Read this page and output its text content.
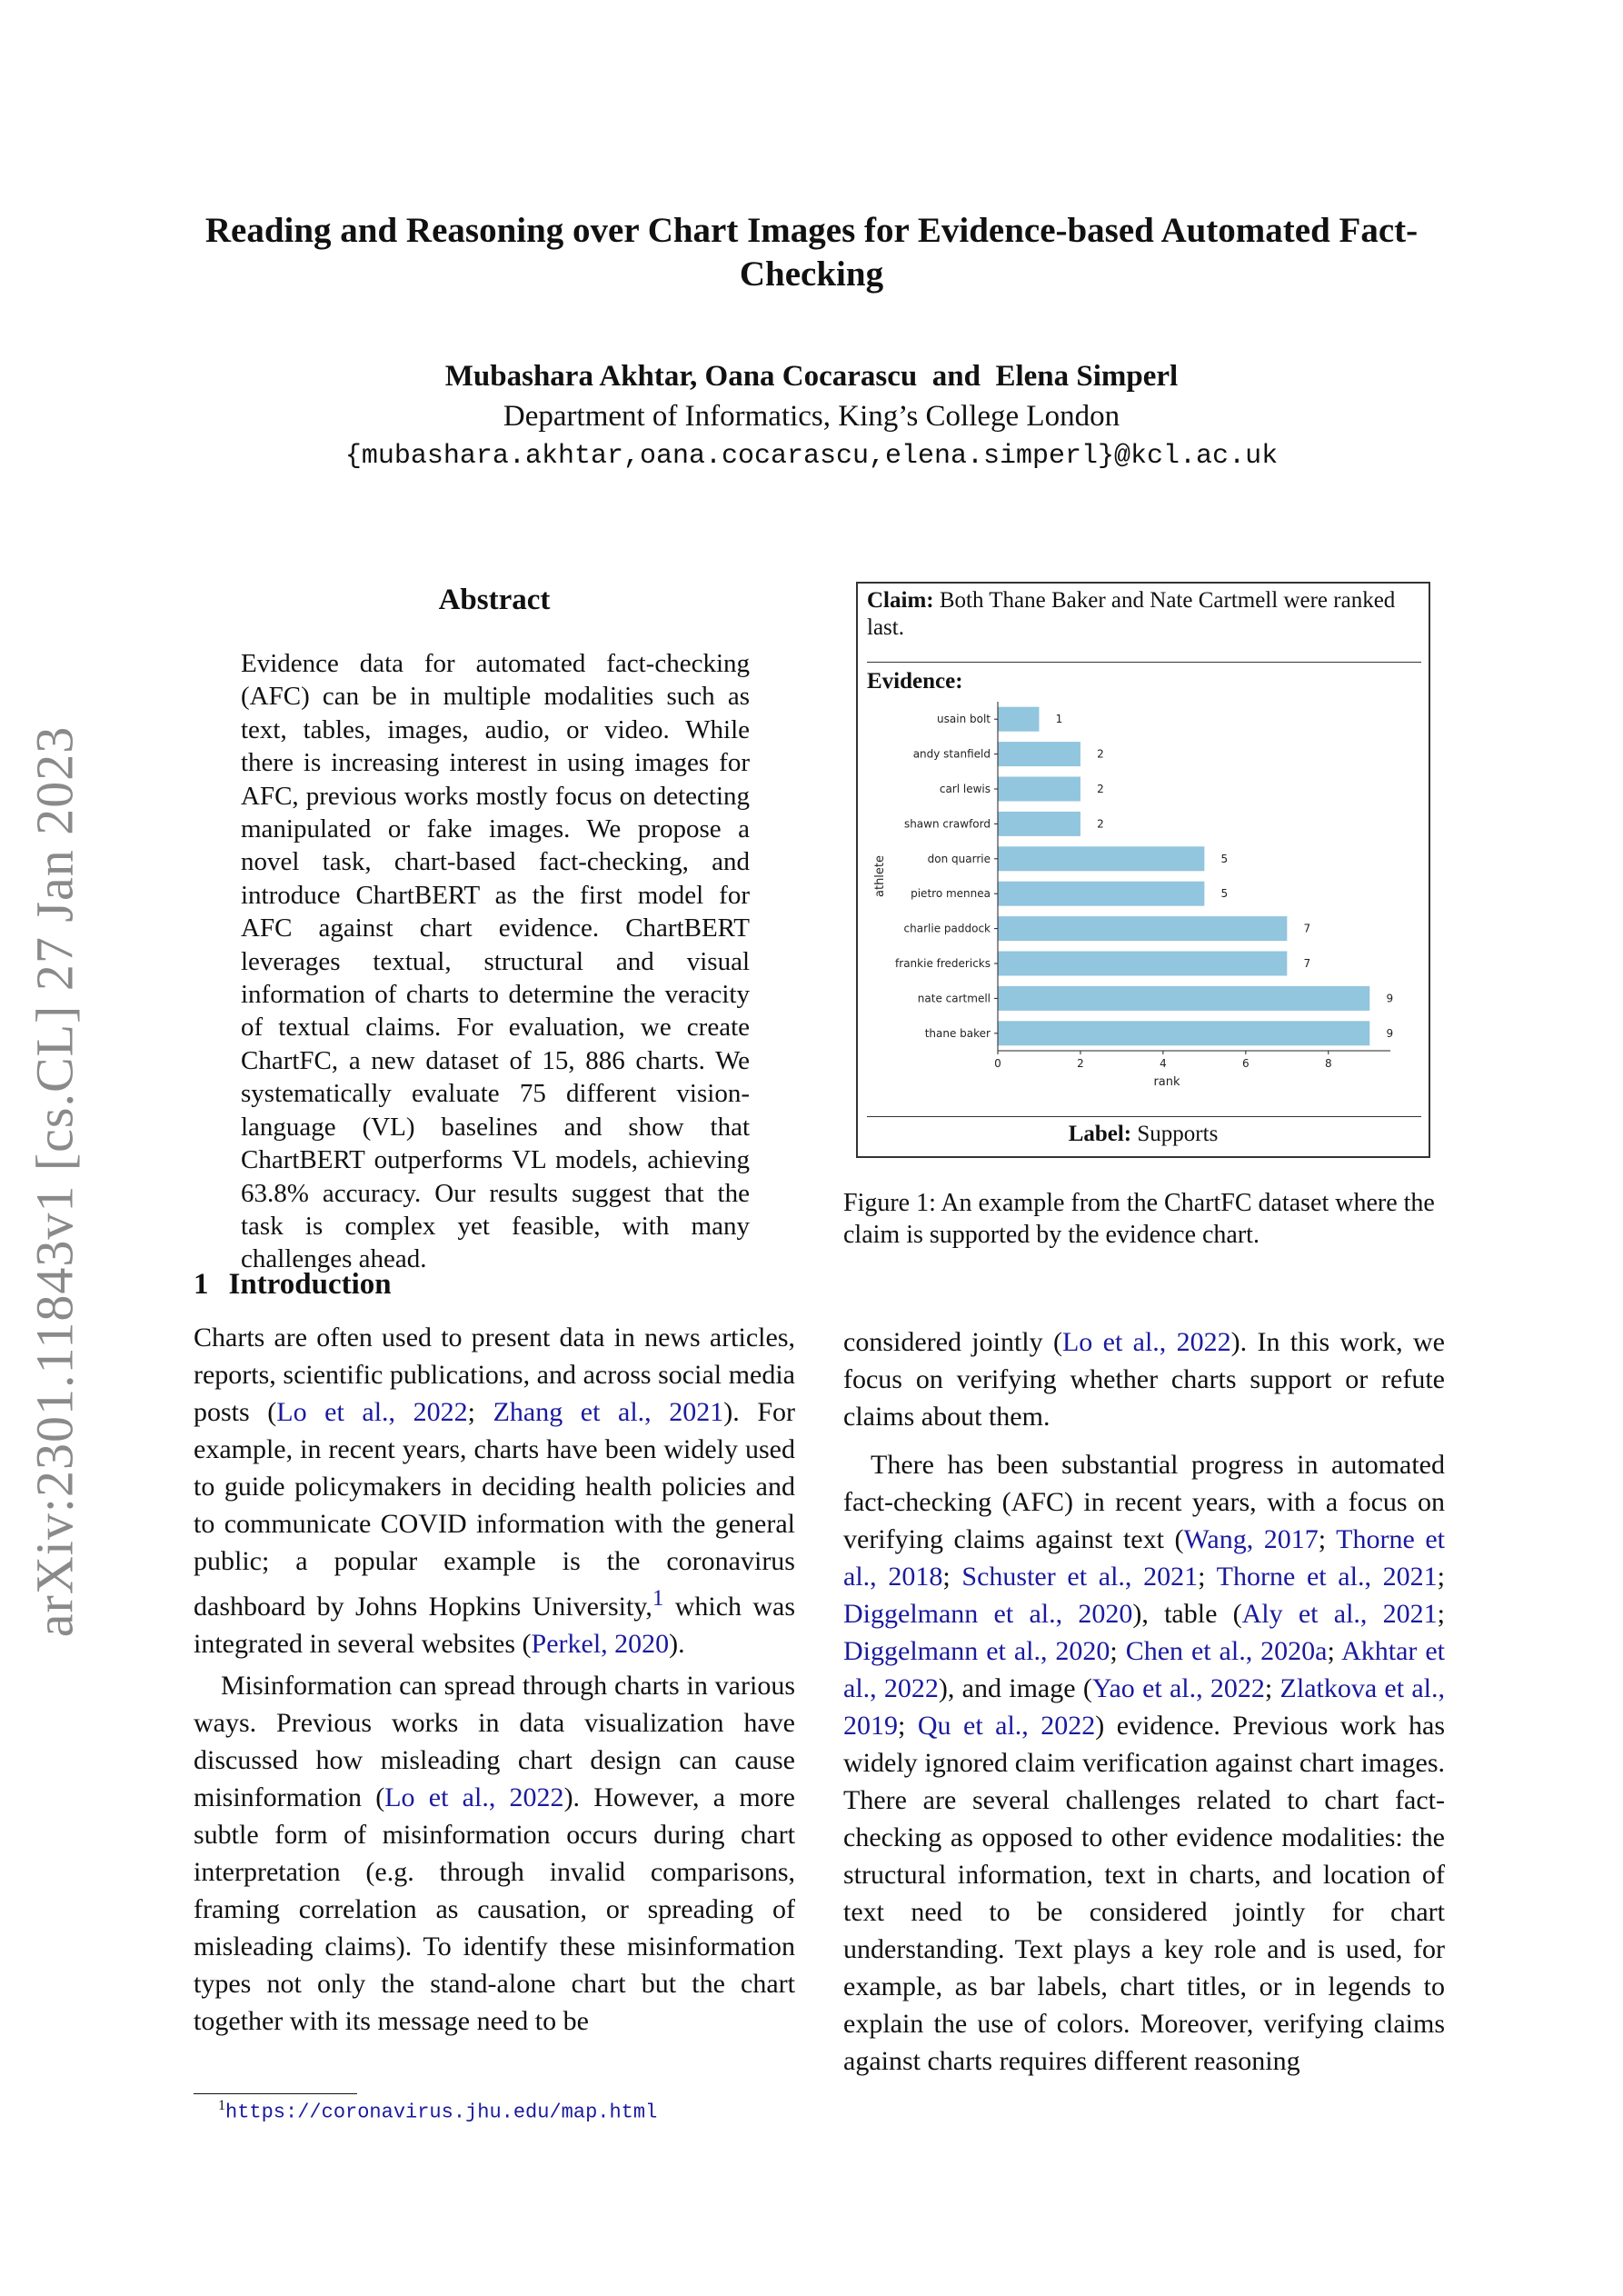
arXiv:2301.11843v1 [cs.CL] 27 Jan 2023
Reading and Reasoning over Chart Images for Evidence-based Automated Fact-Checking
Mubashara Akhtar, Oana Cocarascu  and  Elena Simperl
Department of Informatics, King’s College London
{mubashara.akhtar,oana.cocarascu,elena.simperl}@kcl.ac.uk
Abstract
Evidence data for automated fact-checking (AFC) can be in multiple modalities such as text, tables, images, audio, or video. While there is increasing interest in using images for AFC, previous works mostly focus on detecting manipulated or fake images. We propose a novel task, chart-based fact-checking, and introduce ChartBERT as the first model for AFC against chart evidence. ChartBERT leverages textual, structural and visual information of charts to determine the veracity of textual claims. For evaluation, we create ChartFC, a new dataset of 15, 886 charts. We systematically evaluate 75 different vision-language (VL) baselines and show that ChartBERT outperforms VL models, achieving 63.8% accuracy. Our results suggest that the task is complex yet feasible, with many challenges ahead.
1 Introduction

Charts are often used to present data in news articles, reports, scientific publications, and across social media posts (Lo et al., 2022; Zhang et al., 2021). For example, in recent years, charts have been widely used to guide policymakers in deciding health policies and to communicate COVID information with the general public; a popular example is the coronavirus dashboard by Johns Hopkins University,$^1$ which was integrated in several websites (Perkel, 2020).

Misinformation can spread through charts in various ways. Previous works in data visualization have discussed how misleading chart design can cause misinformation (Lo et al., 2022). However, a more subtle form of misinformation occurs during chart interpretation (e.g. through invalid comparisons, framing correlation as causation, or spreading of misleading claims). To identify these misinformation types not only the stand-alone chart but the chart together with its message need to be

$^1$https://coronavirus.jhu.edu/map.html
Claim: Both Thane Baker and Nate Cartmell were ranked last.
Evidence:
usain bolt	1
andy stanfield	2
carl lewis	2
shawn crawford	2
don quarrie	5
pietro mennea	5
charlie paddock	7
frankie fredericks	7
nate cartmell	9
thane baker	9
0	2	4	6	8
rank
athlete
Label: Supports
Figure 1: An example from the ChartFC dataset where the claim is supported by the evidence chart.

considered jointly (Lo et al., 2022). In this work, we focus on verifying whether charts support or refute claims about them.

There has been substantial progress in automated fact-checking (AFC) in recent years, with a focus on verifying claims against text (Wang, 2017; Thorne et al., 2018; Schuster et al., 2021; Thorne et al., 2021; Diggelmann et al., 2020), table (Aly et al., 2021; Diggelmann et al., 2020; Chen et al., 2020a; Akhtar et al., 2022), and image (Yao et al., 2022; Zlatkova et al., 2019; Qu et al., 2022) evidence. Previous work has widely ignored claim verification against chart images. There are several challenges related to chart fact-checking as opposed to other evidence modalities: the structural information, text in charts, and location of text need to be considered jointly for chart understanding. Text plays a key role and is used, for example, as bar labels, chart titles, or in legends to explain the use of colors. Moreover, verifying claims against charts requires different reasoning
